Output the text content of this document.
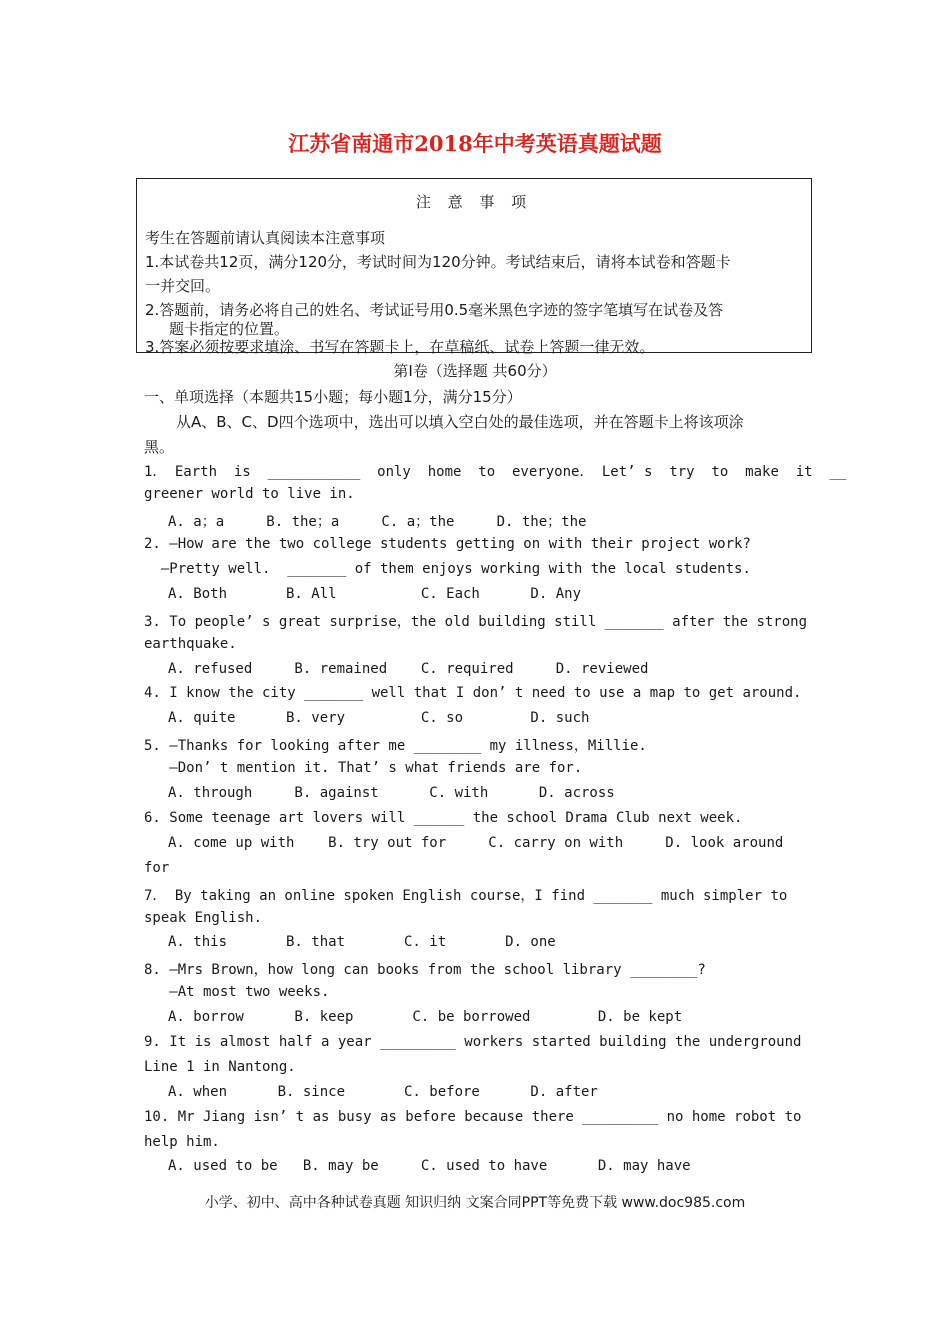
江苏省南通市2018年中考英语真题试题
注 意 事 项
考生在答题前请认真阅读本注意事项
1.本试卷共12页，满分120分，考试时间为120分钟。考试结束后，请将本试卷和答题卡
一并交回。
2.答题前，请务必将自己的姓名、考试证号用0.5毫米黑色字迹的签字笔填写在试卷及答
题卡指定的位置。
3.答案必须按要求填涂、书写在答题卡上，在草稿纸、试卷上答题一律无效。
第Ⅰ卷（选择题 共60分）
一、单项选择（本题共15小题；每小题1分，满分15分）
从A、B、C、D四个选项中，选出可以填入空白处的最佳选项，并在答题卡上将该项涂
黑。
1． Earth  is  ___________  only  home  to  everyone． Let’ s  try  to  make  it  __
greener world to live in.
A. a；a     B. the；a     C. a；the     D. the；the
2. —How are the two college students getting on with their project work?
—Pretty well.  _______ of them enjoys working with the local students.
A. Both       B. All          C. Each      D. Any
3. To people’ s great surprise，the old building still _______ after the strong
earthquake.
A. refused     B. remained    C. required     D. reviewed
4. I know the city _______ well that I don’ t need to use a map to get around.
A. quite      B. very         C. so        D. such
5. —Thanks for looking after me ________ my illness，Millie.
—Don’ t mention it. That’ s what friends are for.
A. through     B. against      C. with      D. across
6. Some teenage art lovers will ______ the school Drama Club next week.
A. come up with    B. try out for     C. carry on with     D. look around
for
7． By taking an online spoken English course，I find _______ much simpler to
speak English.
A. this       B. that       C. it       D. one
8. —Mrs Brown，how long can books from the school library ________?
—At most two weeks.
A. borrow      B. keep       C. be borrowed        D. be kept
9. It is almost half a year _________ workers started building the underground
Line 1 in Nantong.
A. when      B. since       C. before      D. after
10. Mr Jiang isn’ t as busy as before because there _________ no home robot to
help him.
A. used to be   B. may be     C. used to have      D. may have
小学、初中、高中各种试卷真题 知识归纳 文案合同PPT等免费下载 www.doc985.com
